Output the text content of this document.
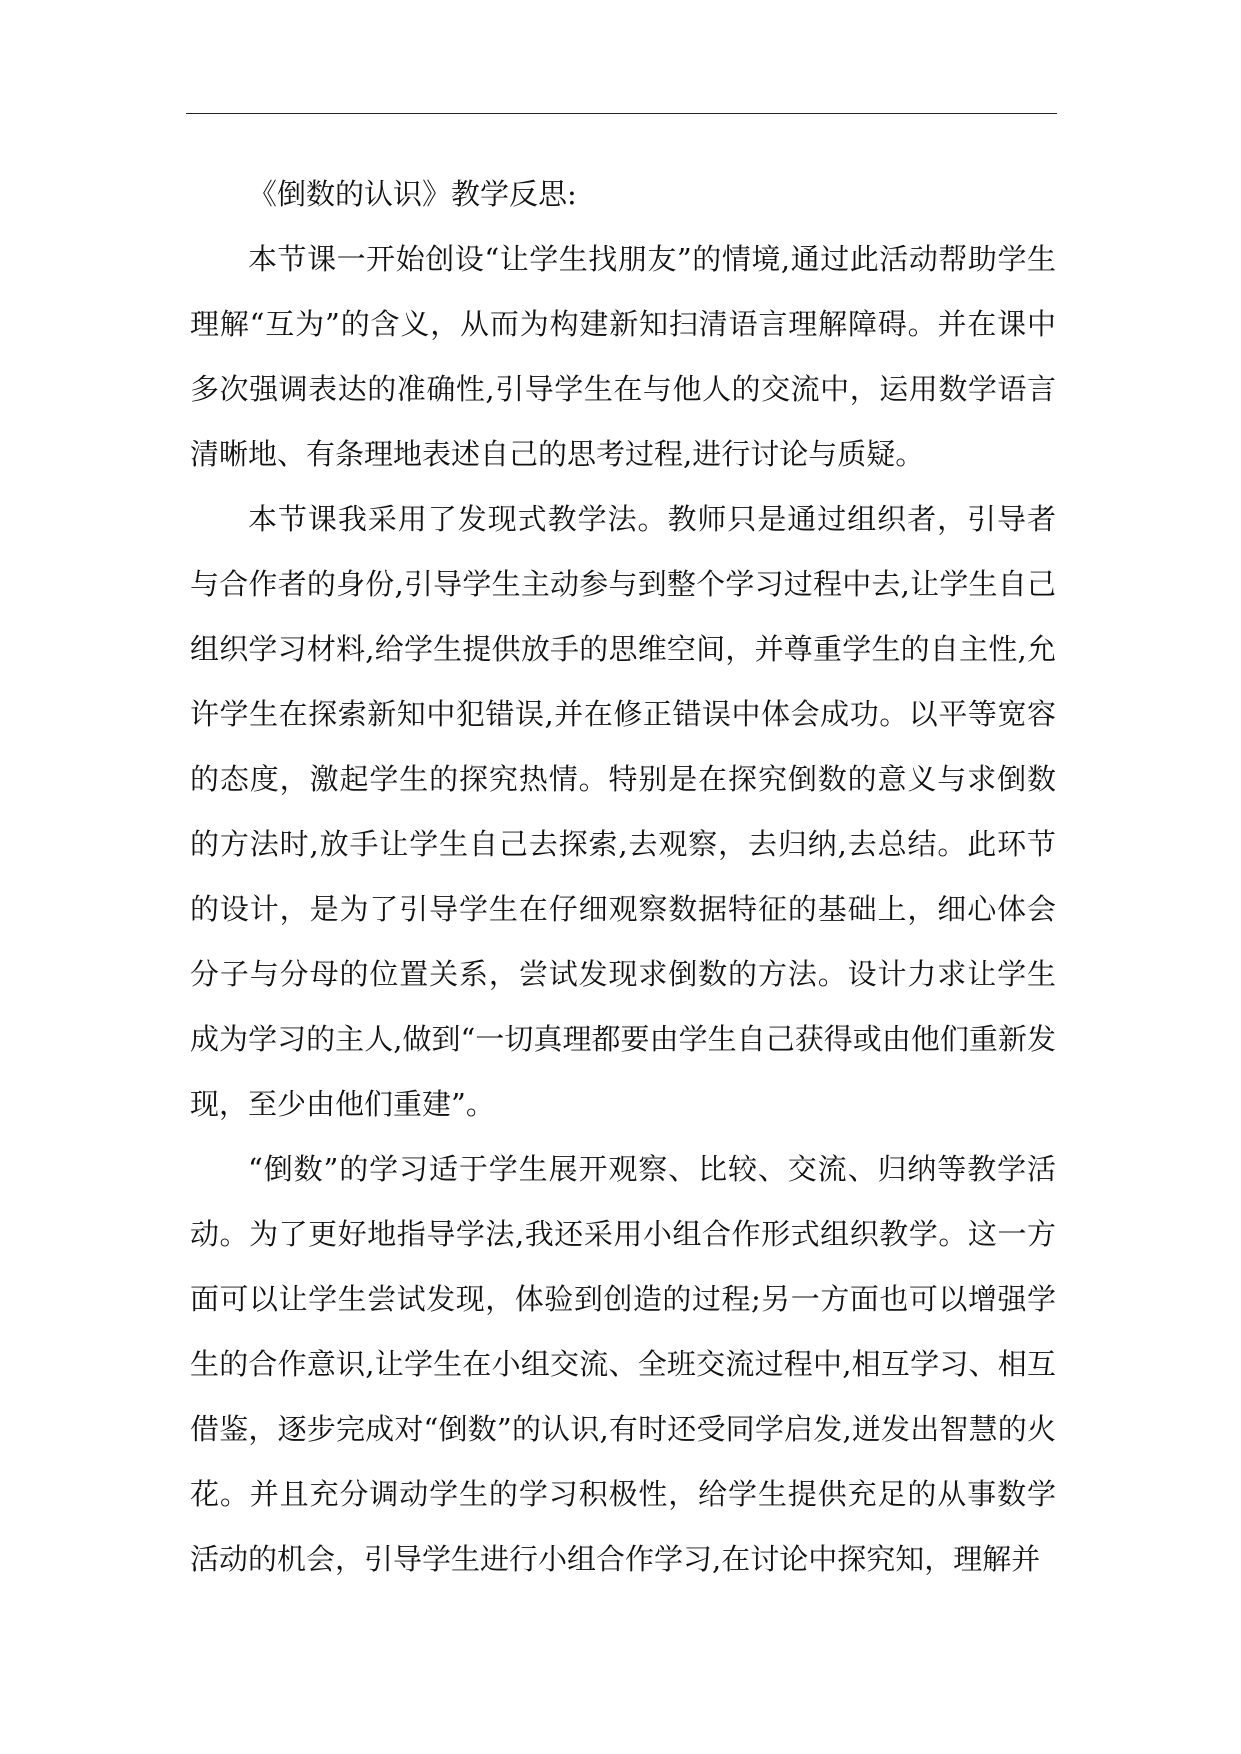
《倒数的认识》教学反思:

本节课一开始创设“让学生找朋友”的情境,通过此活动帮助学生理解“互为”的含义，从而为构建新知扫清语言理解障碍。并在课中多次强调表达的准确性,引导学生在与他人的交流中，运用数学语言清晰地、有条理地表述自己的思考过程,进行讨论与质疑。

本节课我采用了发现式教学法。教师只是通过组织者，引导者与合作者的身份,引导学生主动参与到整个学习过程中去,让学生自己组织学习材料,给学生提供放手的思维空间，并尊重学生的自主性,允许学生在探索新知中犯错误,并在修正错误中体会成功。以平等宽容的态度，激起学生的探究热情。特别是在探究倒数的意义与求倒数的方法时,放手让学生自己去探索,去观察，去归纳,去总结。此环节的设计，是为了引导学生在仔细观察数据特征的基础上，细心体会分子与分母的位置关系，尝试发现求倒数的方法。设计力求让学生成为学习的主人,做到“一切真理都要由学生自己获得或由他们重新发现，至少由他们重建”。

“倒数”的学习适于学生展开观察、比较、交流、归纳等教学活动。为了更好地指导学法,我还采用小组合作形式组织教学。这一方面可以让学生尝试发现，体验到创造的过程;另一方面也可以增强学生的合作意识,让学生在小组交流、全班交流过程中,相互学习、相互借鉴，逐步完成对“倒数”的认识,有时还受同学启发,迸发出智慧的火花。并且充分调动学生的学习积极性，给学生提供充足的从事数学活动的机会，引导学生进行小组合作学习,在讨论中探究知，理解并
